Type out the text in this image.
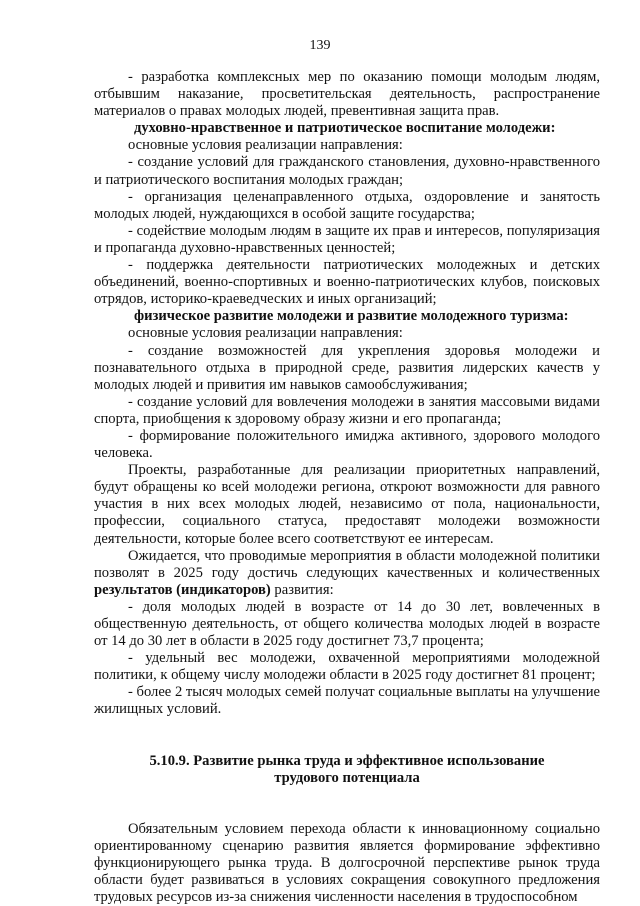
139

- разработка комплексных мер по оказанию помощи молодым людям, отбывшим наказание, просветительская деятельность, распространение материалов о правах молодых людей, превентивная защита прав.

духовно-нравственное и патриотическое воспитание молодежи:

основные условия реализации направления:

- создание условий для гражданского становления, духовно-нравственного и патриотического воспитания молодых граждан;

- организация целенаправленного отдыха, оздоровление и занятость молодых людей, нуждающихся в особой защите государства;

- содействие молодым людям в защите их прав и интересов, популяризация и пропаганда духовно-нравственных ценностей;

- поддержка деятельности патриотических молодежных и детских объединений, военно-спортивных и военно-патриотических клубов, поисковых отрядов, историко-краеведческих и иных организаций;

физическое развитие молодежи и развитие молодежного туризма:

основные условия реализации направления:

- создание возможностей для укрепления здоровья молодежи и познавательного отдыха в природной среде, развития лидерских качеств у молодых людей и привития им навыков самообслуживания;

- создание условий для вовлечения молодежи в занятия массовыми видами спорта, приобщения к здоровому образу жизни и его пропаганда;

- формирование положительного имиджа активного, здорового молодого человека.

Проекты, разработанные для реализации приоритетных направлений, будут обращены ко всей молодежи региона, откроют возможности для равного участия в них всех молодых людей, независимо от пола, национальности, профессии, социального статуса, предоставят молодежи возможности деятельности, которые более всего соответствуют ее интересам.

Ожидается, что проводимые мероприятия в области молодежной политики позволят в 2025 году достичь следующих качественных и количественных результатов (индикаторов) развития:

- доля молодых людей в возрасте от 14 до 30 лет, вовлеченных в общественную деятельность, от общего количества молодых людей в возрасте от 14 до 30 лет в области в 2025 году достигнет 73,7 процента;

- удельный вес молодежи, охваченной мероприятиями молодежной политики, к общему числу молодежи области в 2025 году достигнет 81 процент;

- более 2 тысяч молодых семей получат социальные выплаты на улучшение жилищных условий.

5.10.9. Развитие рынка труда и эффективное использование
трудового потенциала

Обязательным условием перехода области к инновационному социально ориентированному сценарию развития является формирование эффективно функционирующего рынка труда. В долгосрочной перспективе рынок труда области будет развиваться в условиях сокращения совокупного предложения трудовых ресурсов из-за снижения численности населения в трудоспособном
